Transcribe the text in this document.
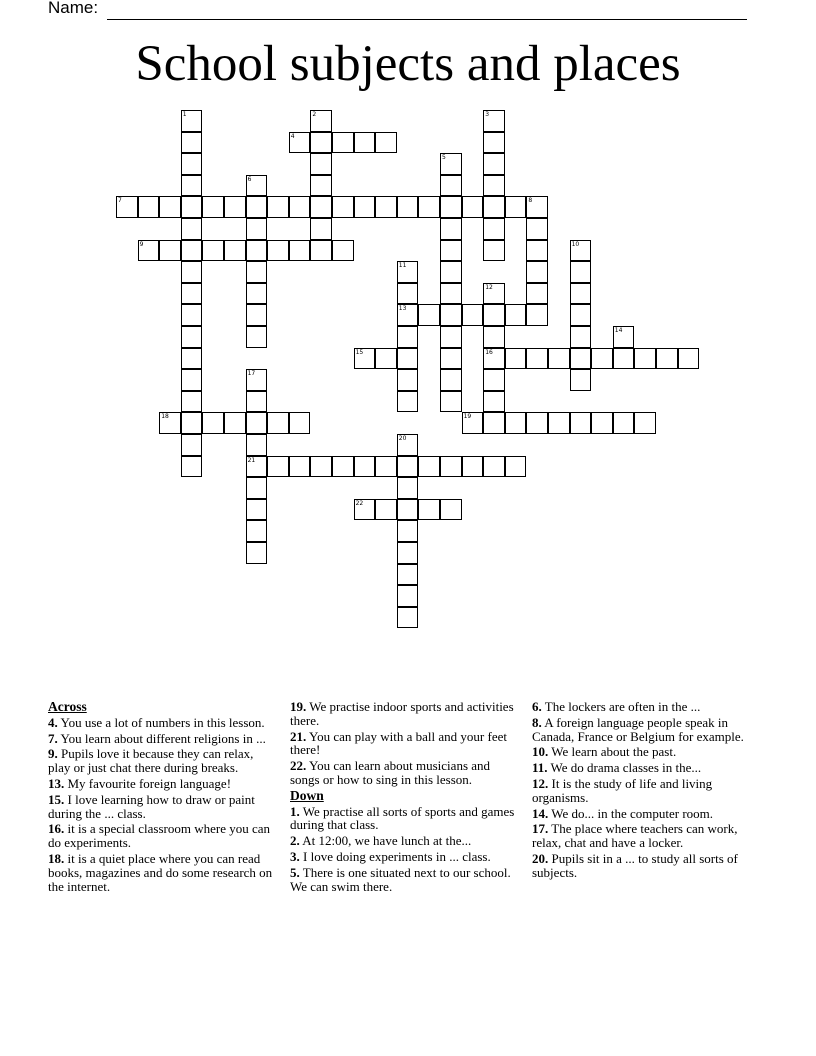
Name:
School subjects and places
1	2	3
4
5
6
7	8
9	10
11
13
12
16
14
15
17
21
18	19
20
22
Across
4. You use a lot of numbers in this lesson.
7. You learn about different religions in ...
9. Pupils love it because they can relax, play or just chat there during breaks.
13. My favourite foreign language!
15. I love learning how to draw or paint during the ... class.
16. it is a special classroom where you can do experiments.
18. it is a quiet place where you can read books, magazines and do some research on the internet.
19. We practise indoor sports and activities there.
21. You can play with a ball and your feet there!
22. You can learn about musicians and songs or how to sing in this lesson.
Down
1. We practise all sorts of sports and games during that class.
2. At 12:00, we have lunch at the...
3. I love doing experiments in ... class.
5. There is one situated next to our school. We can swim there.
6. The lockers are often in the ...
8. A foreign language people speak in Canada, France or Belgium for example.
10. We learn about the past.
11. We do drama classes in the...
12. It is the study of life and living organisms.
14. We do... in the computer room.
17. The place where teachers can work, relax, chat and have a locker.
20. Pupils sit in a ... to study all sorts of subjects.
